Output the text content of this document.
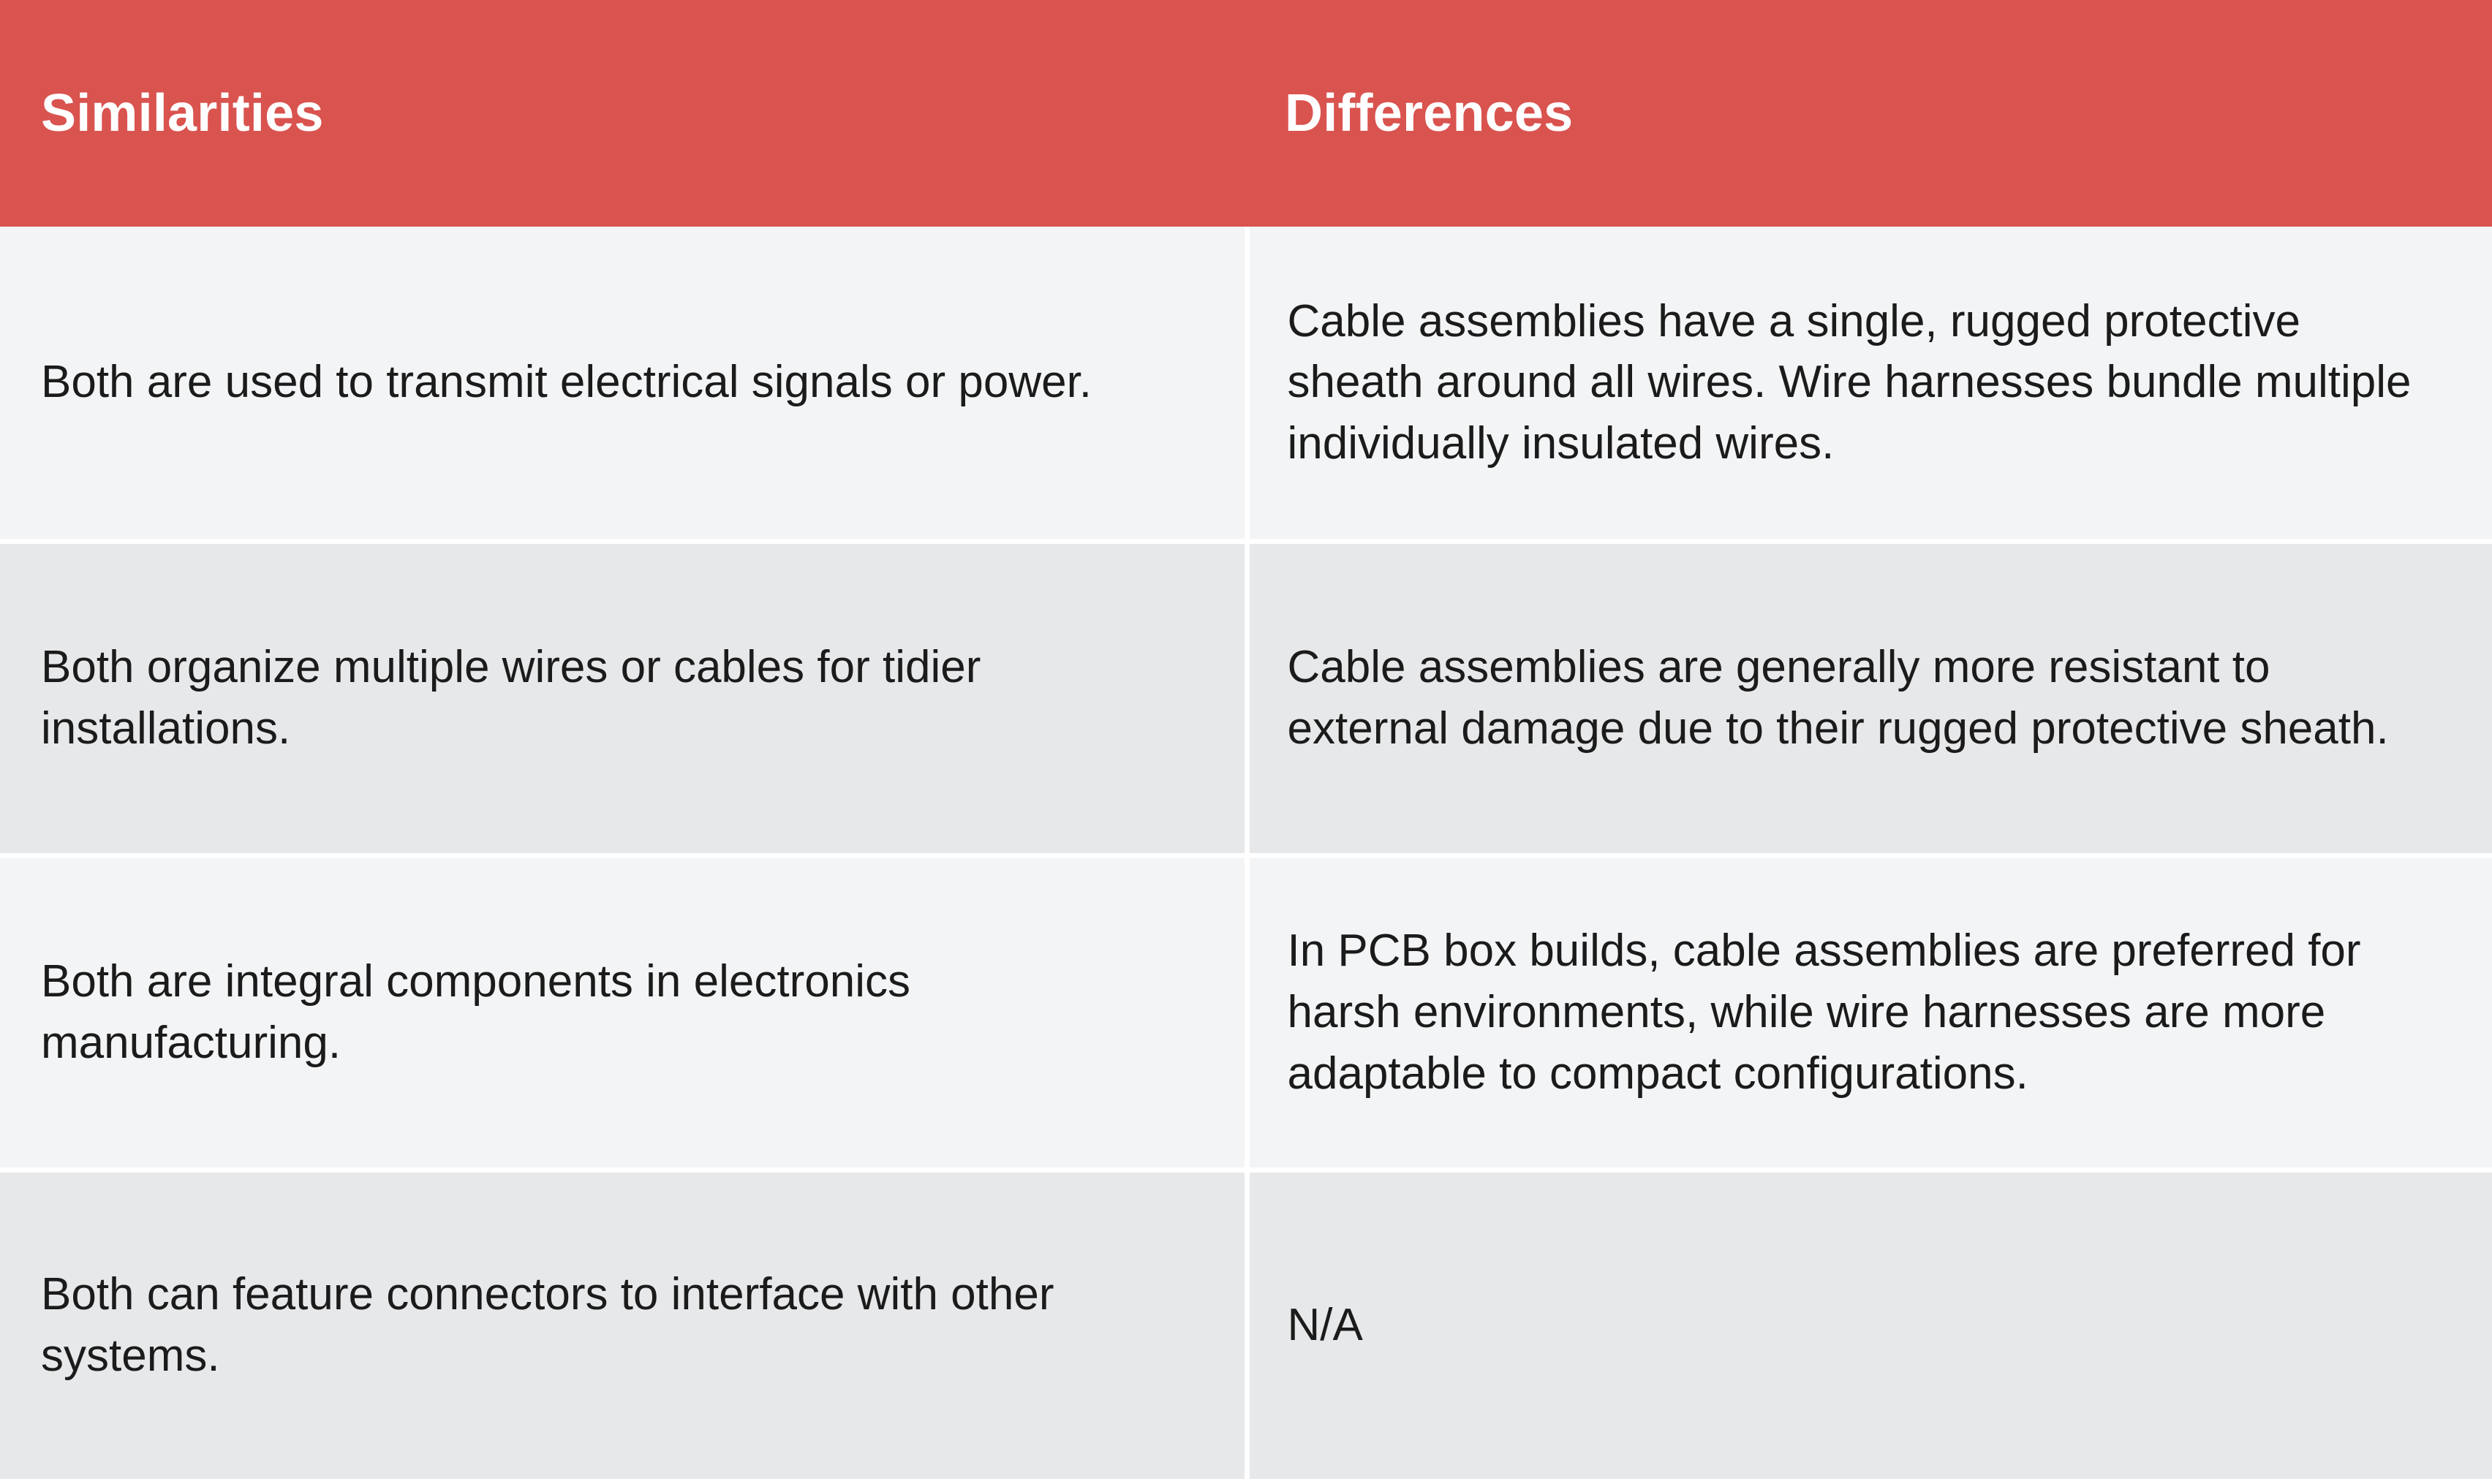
Similarities	Differences
Both are used to transmit electrical signals or power.	Cable assemblies have a single, rugged protective sheath around all wires. Wire harnesses bundle multiple individually insulated wires.
Both organize multiple wires or cables for tidier installations.	Cable assemblies are generally more resistant to external damage due to their rugged protective sheath.
Both are integral components in electronics manufacturing.	In PCB box builds, cable assemblies are preferred for harsh environments, while wire harnesses are more adaptable to compact configurations.
Both can feature connectors to interface with other systems.	N/A
